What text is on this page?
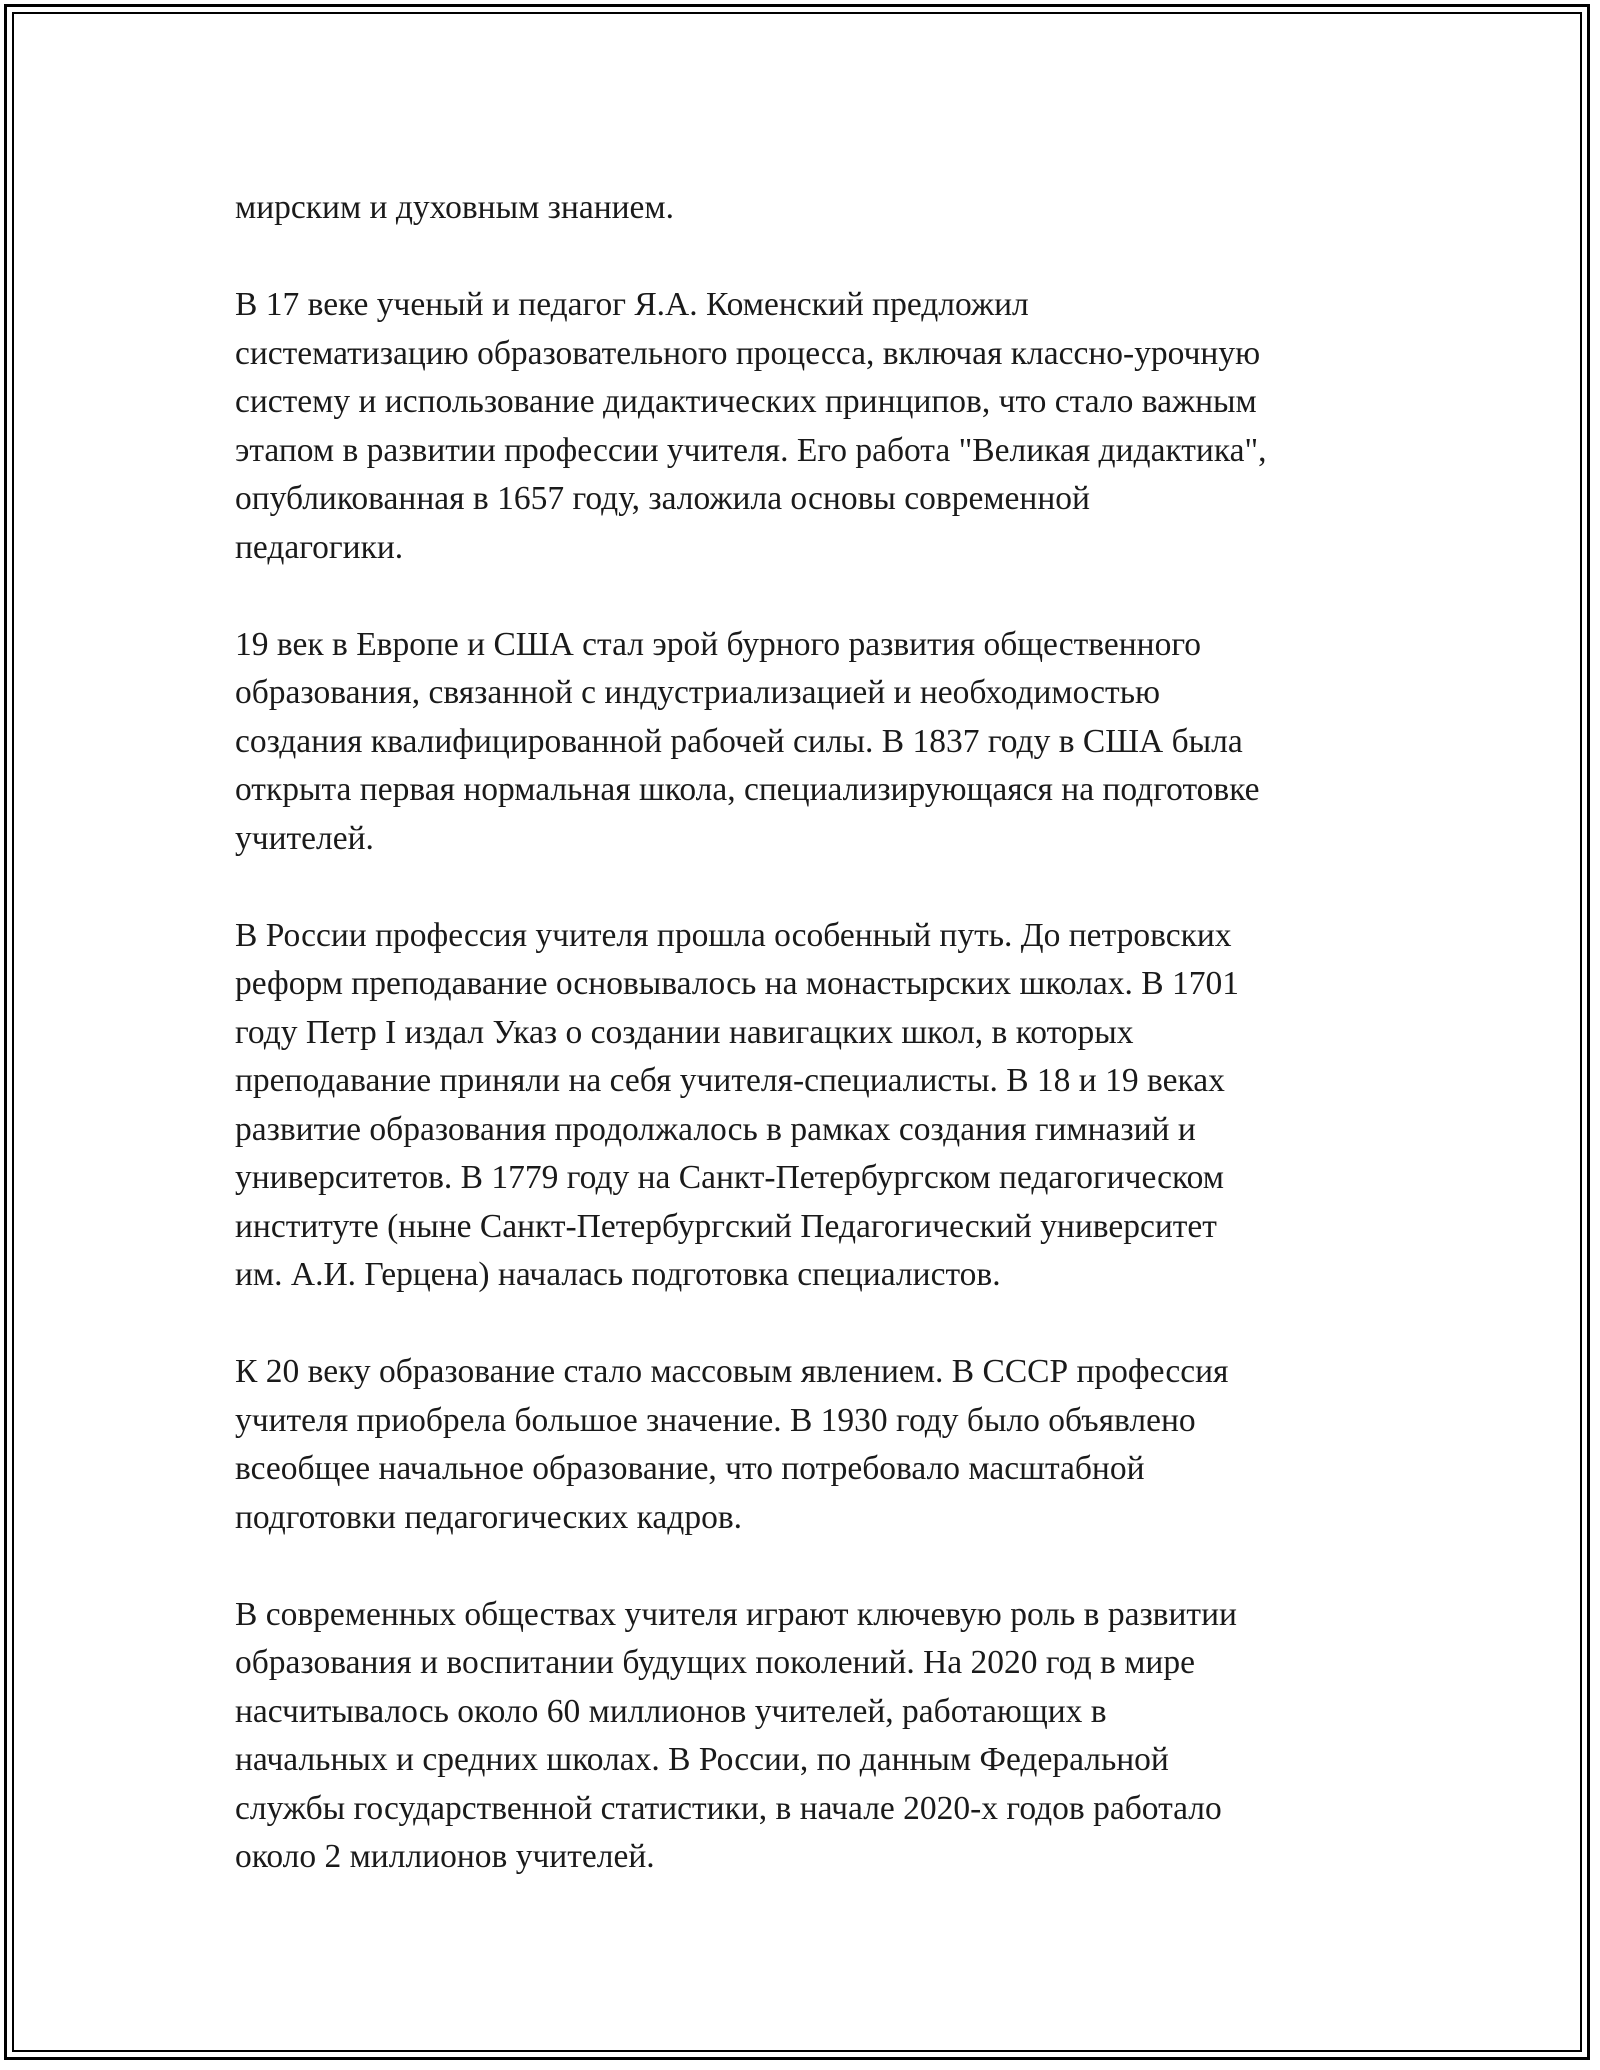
мирским и духовным знанием.

В 17 веке ученый и педагог Я.А. Коменский предложил
систематизацию образовательного процесса, включая классно-урочную
систему и использование дидактических принципов, что стало важным
этапом в развитии профессии учителя. Его работа "Великая дидактика",
опубликованная в 1657 году, заложила основы современной
педагогики.

19 век в Европе и США стал эрой бурного развития общественного
образования, связанной с индустриализацией и необходимостью
создания квалифицированной рабочей силы. В 1837 году в США была
открыта первая нормальная школа, специализирующаяся на подготовке
учителей.

В России профессия учителя прошла особенный путь. До петровских
реформ преподавание основывалось на монастырских школах. В 1701
году Петр I издал Указ о создании навигацких школ, в которых
преподавание приняли на себя учителя-специалисты. В 18 и 19 веках
развитие образования продолжалось в рамках создания гимназий и
университетов. В 1779 году на Санкт-Петербургском педагогическом
институте (ныне Санкт-Петербургский Педагогический университет
им. А.И. Герцена) началась подготовка специалистов.

К 20 веку образование стало массовым явлением. В СССР профессия
учителя приобрела большое значение. В 1930 году было объявлено
всеобщее начальное образование, что потребовало масштабной
подготовки педагогических кадров.

В современных обществах учителя играют ключевую роль в развитии
образования и воспитании будущих поколений. На 2020 год в мире
насчитывалось около 60 миллионов учителей, работающих в
начальных и средних школах. В России, по данным Федеральной
службы государственной статистики, в начале 2020-х годов работало
около 2 миллионов учителей.
